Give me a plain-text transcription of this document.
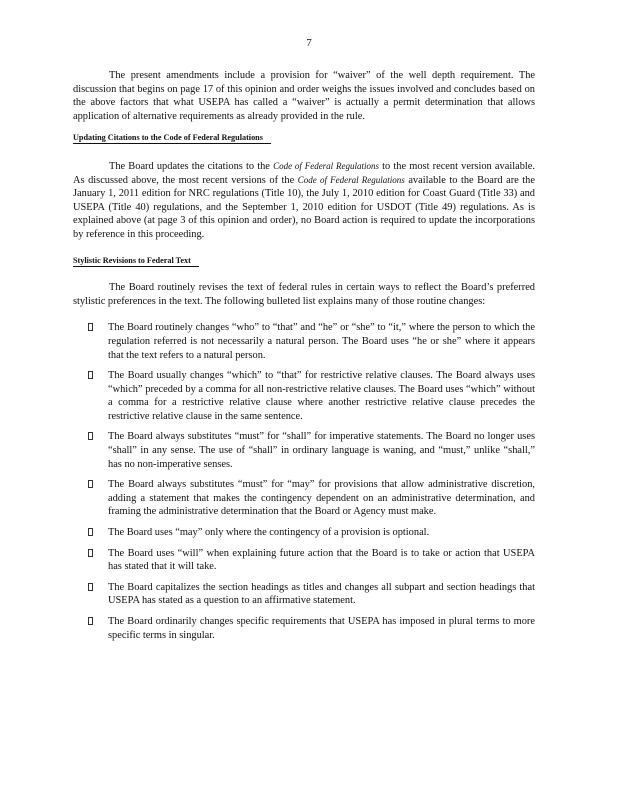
7

The present amendments include a provision for “waiver” of the well depth requirement. The discussion that begins on page 17 of this opinion and order weighs the issues involved and concludes based on the above factors that what USEPA has called a “waiver” is actually a permit determination that allows application of alternative requirements as already provided in the rule.

Updating Citations to the Code of Federal Regulations

The Board updates the citations to the Code of Federal Regulations to the most recent version available. As discussed above, the most recent versions of the Code of Federal Regulations available to the Board are the January 1, 2011 edition for NRC regulations (Title 10), the July 1, 2010 edition for Coast Guard (Title 33) and USEPA (Title 40) regulations, and the September 1, 2010 edition for USDOT (Title 49) regulations. As is explained above (at page 3 of this opinion and order), no Board action is required to update the incorporations by reference in this proceeding.

Stylistic Revisions to Federal Text

The Board routinely revises the text of federal rules in certain ways to reflect the Board’s preferred stylistic preferences in the text. The following bulleted list explains many of those routine changes:

The Board routinely changes “who” to “that” and “he” or “she” to “it,” where the person to which the regulation referred is not necessarily a natural person. The Board uses “he or she” where it appears that the text refers to a natural person.
The Board usually changes “which” to “that” for restrictive relative clauses. The Board always uses “which” preceded by a comma for all non-restrictive relative clauses. The Board uses “which” without a comma for a restrictive relative clause where another restrictive relative clause precedes the restrictive relative clause in the same sentence.
The Board always substitutes “must” for “shall” for imperative statements. The Board no longer uses “shall” in any sense. The use of “shall” in ordinary language is waning, and “must,” unlike “shall,” has no non-imperative senses.
The Board always substitutes “must” for “may” for provisions that allow administrative discretion, adding a statement that makes the contingency dependent on an administrative determination, and framing the administrative determination that the Board or Agency must make.
The Board uses “may” only where the contingency of a provision is optional.
The Board uses “will” when explaining future action that the Board is to take or action that USEPA has stated that it will take.
The Board capitalizes the section headings as titles and changes all subpart and section headings that USEPA has stated as a question to an affirmative statement.
The Board ordinarily changes specific requirements that USEPA has imposed in plural terms to more specific terms in singular.
